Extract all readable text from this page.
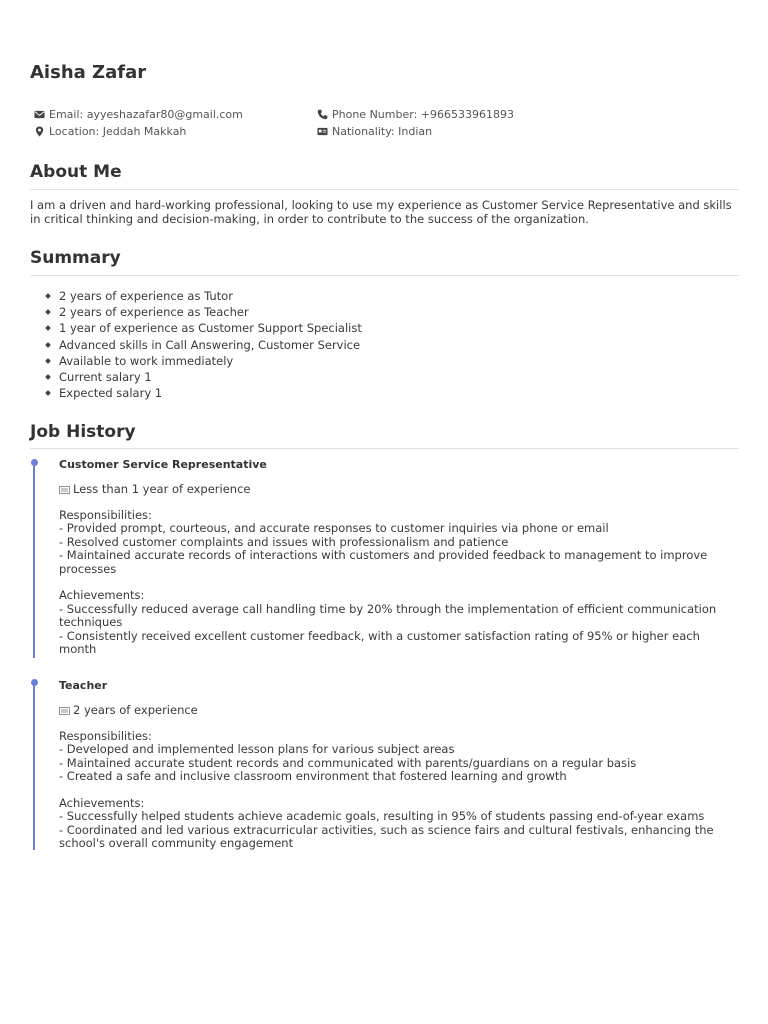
Aisha Zafar
Email: ayyeshazafar80@gmail.com
Location: Jeddah Makkah
Phone Number: +966533961893
Nationality: Indian
About Me

I am a driven and hard-working professional, looking to use my experience as Customer Service Representative and skills in critical thinking and decision-making, in order to contribute to the success of the organization.

Summary
2 years of experience as Tutor
2 years of experience as Teacher
1 year of experience as Customer Support Specialist
Advanced skills in Call Answering, Customer Service
Available to work immediately
Current salary 1
Expected salary 1
Job History

Customer Service Representative

Less than 1 year of experience
Responsibilities:
- Provided prompt, courteous, and accurate responses to customer inquiries via phone or email
- Resolved customer complaints and issues with professionalism and patience
- Maintained accurate records of interactions with customers and provided feedback to management to improve processes

Achievements:
- Successfully reduced average call handling time by 20% through the implementation of efficient communication techniques
- Consistently received excellent customer feedback, with a customer satisfaction rating of 95% or higher each month

Teacher

2 years of experience
Responsibilities:
- Developed and implemented lesson plans for various subject areas
- Maintained accurate student records and communicated with parents/guardians on a regular basis
- Created a safe and inclusive classroom environment that fostered learning and growth

Achievements:
- Successfully helped students achieve academic goals, resulting in 95% of students passing end-of-year exams
- Coordinated and led various extracurricular activities, such as science fairs and cultural festivals, enhancing the school's overall community engagement
